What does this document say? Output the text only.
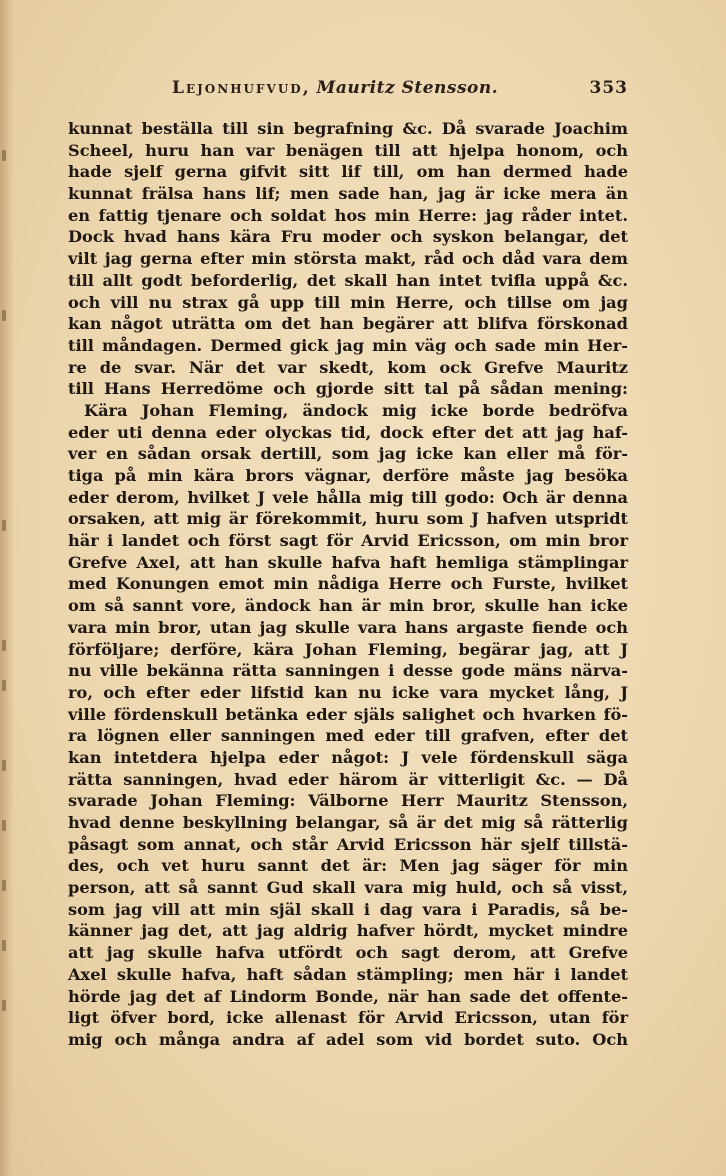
Lejonhufvud, Mauritz Stensson.	353
kunnat beställa till sin begrafning &c. Då svarade Joachim
Scheel, huru han var benägen till att hjelpa honom, och
hade sjelf gerna gifvit sitt lif till, om han dermed hade
kunnat frälsa hans lif; men sade han, jag är icke mera än
en fattig tjenare och soldat hos min Herre: jag råder intet.
Dock hvad hans kära Fru moder och syskon belangar, det
vilt jag gerna efter min största makt, råd och dåd vara dem
till allt godt beforderlig, det skall han intet tvifla uppå &c.
och vill nu strax gå upp till min Herre, och tillse om jag
kan något uträtta om det han begärer att blifva förskonad
till måndagen. Dermed gick jag min väg och sade min Her-
re de svar. När det var skedt, kom ock Grefve Mauritz
till Hans Herredöme och gjorde sitt tal på sådan mening:
Kära Johan Fleming, ändock mig icke borde bedröfva
eder uti denna eder olyckas tid, dock efter det att jag haf-
ver en sådan orsak dertill, som jag icke kan eller må för-
tiga på min kära brors vägnar, derföre måste jag besöka
eder derom, hvilket J vele hålla mig till godo: Och är denna
orsaken, att mig är förekommit, huru som J hafven utspridt
här i landet och först sagt för Arvid Ericsson, om min bror
Grefve Axel, att han skulle hafva haft hemliga stämplingar
med Konungen emot min nådiga Herre och Furste, hvilket
om så sannt vore, ändock han är min bror, skulle han icke
vara min bror, utan jag skulle vara hans argaste fiende och
förföljare; derföre, kära Johan Fleming, begärar jag, att J
nu ville bekänna rätta sanningen i desse gode mäns närva-
ro, och efter eder lifstid kan nu icke vara mycket lång, J
ville fördenskull betänka eder själs salighet och hvarken fö-
ra lögnen eller sanningen med eder till grafven, efter det
kan intetdera hjelpa eder något: J vele fördenskull säga
rätta sanningen, hvad eder härom är vitterligit &c. — Då
svarade Johan Fleming: Välborne Herr Mauritz Stensson,
hvad denne beskyllning belangar, så är det mig så rätterlig
påsagt som annat, och står Arvid Ericsson här sjelf tillstä-
des, och vet huru sannt det är: Men jag säger för min
person, att så sannt Gud skall vara mig huld, och så visst,
som jag vill att min själ skall i dag vara i Paradis, så be-
känner jag det, att jag aldrig hafver hördt, mycket mindre
att jag skulle hafva utfördt och sagt derom, att Grefve
Axel skulle hafva, haft sådan stämpling; men här i landet
hörde jag det af Lindorm Bonde, när han sade det offente-
ligt öfver bord, icke allenast för Arvid Ericsson, utan för
mig och många andra af adel som vid bordet suto. Och
